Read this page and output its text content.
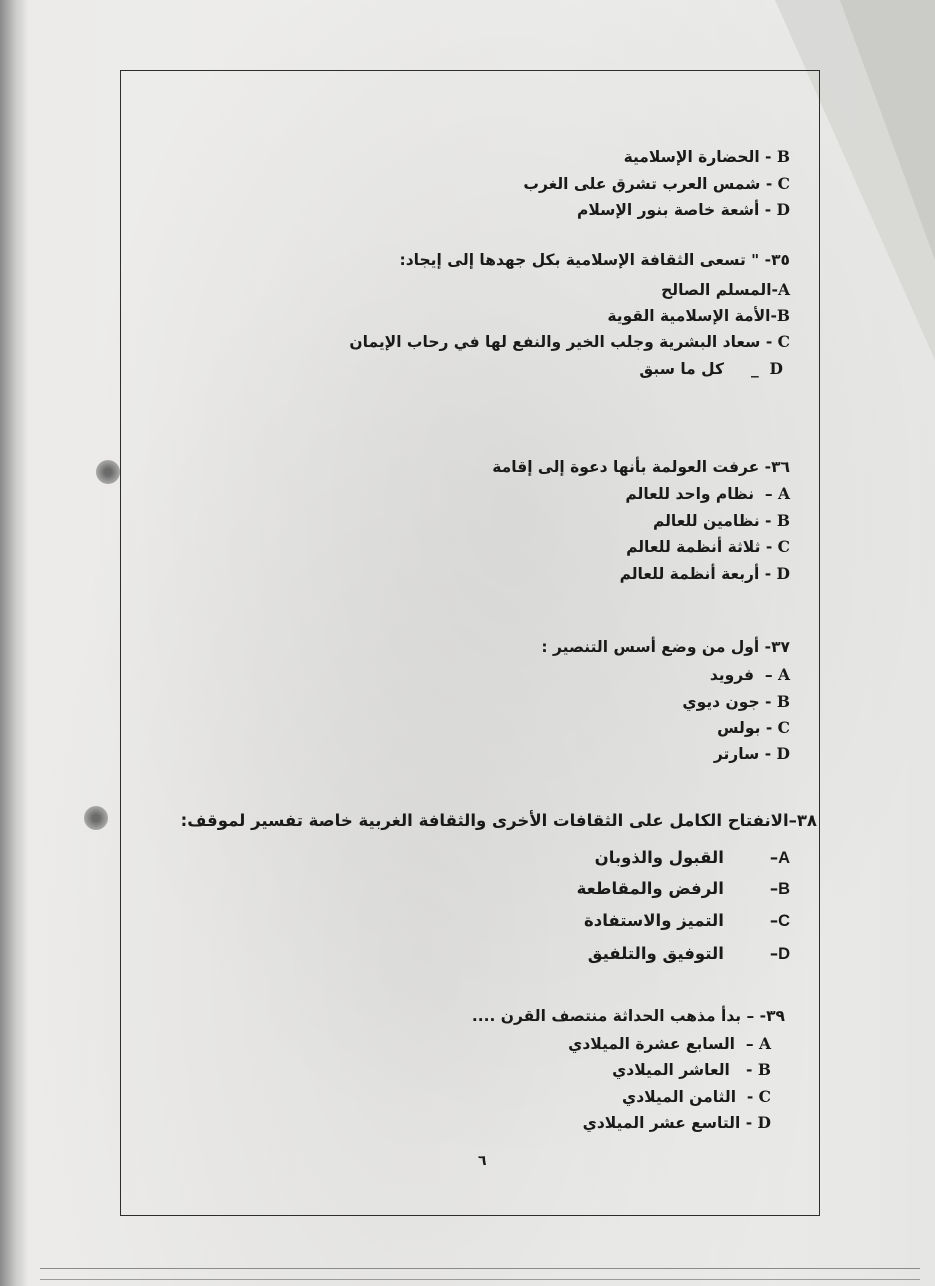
B - الحضارة الإسلامية
C - شمس العرب تشرق على الغرب
D - أشعة خاصة بنور الإسلام
٣٥- " تسعى الثقافة الإسلامية بكل جهدها إلى إيجاد:
A-المسلم الصالح
B-الأمة الإسلامية القوية
C - سعاد البشرية وجلب الخير والنفع لها في رحاب الإيمان
D  _     كل ما سبق
٣٦- عرفت العولمة بأنها دعوة إلى إقامة
A –  نظام واحد للعالم
B - نظامين للعالم
C - ثلاثة أنظمة للعالم
D - أربعة أنظمة للعالم
٣٧- أول من وضع أسس التنصير :
A –  فرويد
B - جون ديوي
C - بولس
D - سارتر
٣٨–الانفتاح الكامل على الثقافات الأخرى والثقافة الغربية خاصة تفسير لموقف:
A–        القبول والذوبان
B–        الرفض والمقاطعة
C–        التميز والاستفادة
D–        التوفيق والتلفيق
٣٩- – بدأ مذهب الحداثة منتصف القرن ....
A –  السابع عشرة الميلادي
B -   العاشر الميلادي
C -  الثامن الميلادي
D - التاسع عشر الميلادي
٦
